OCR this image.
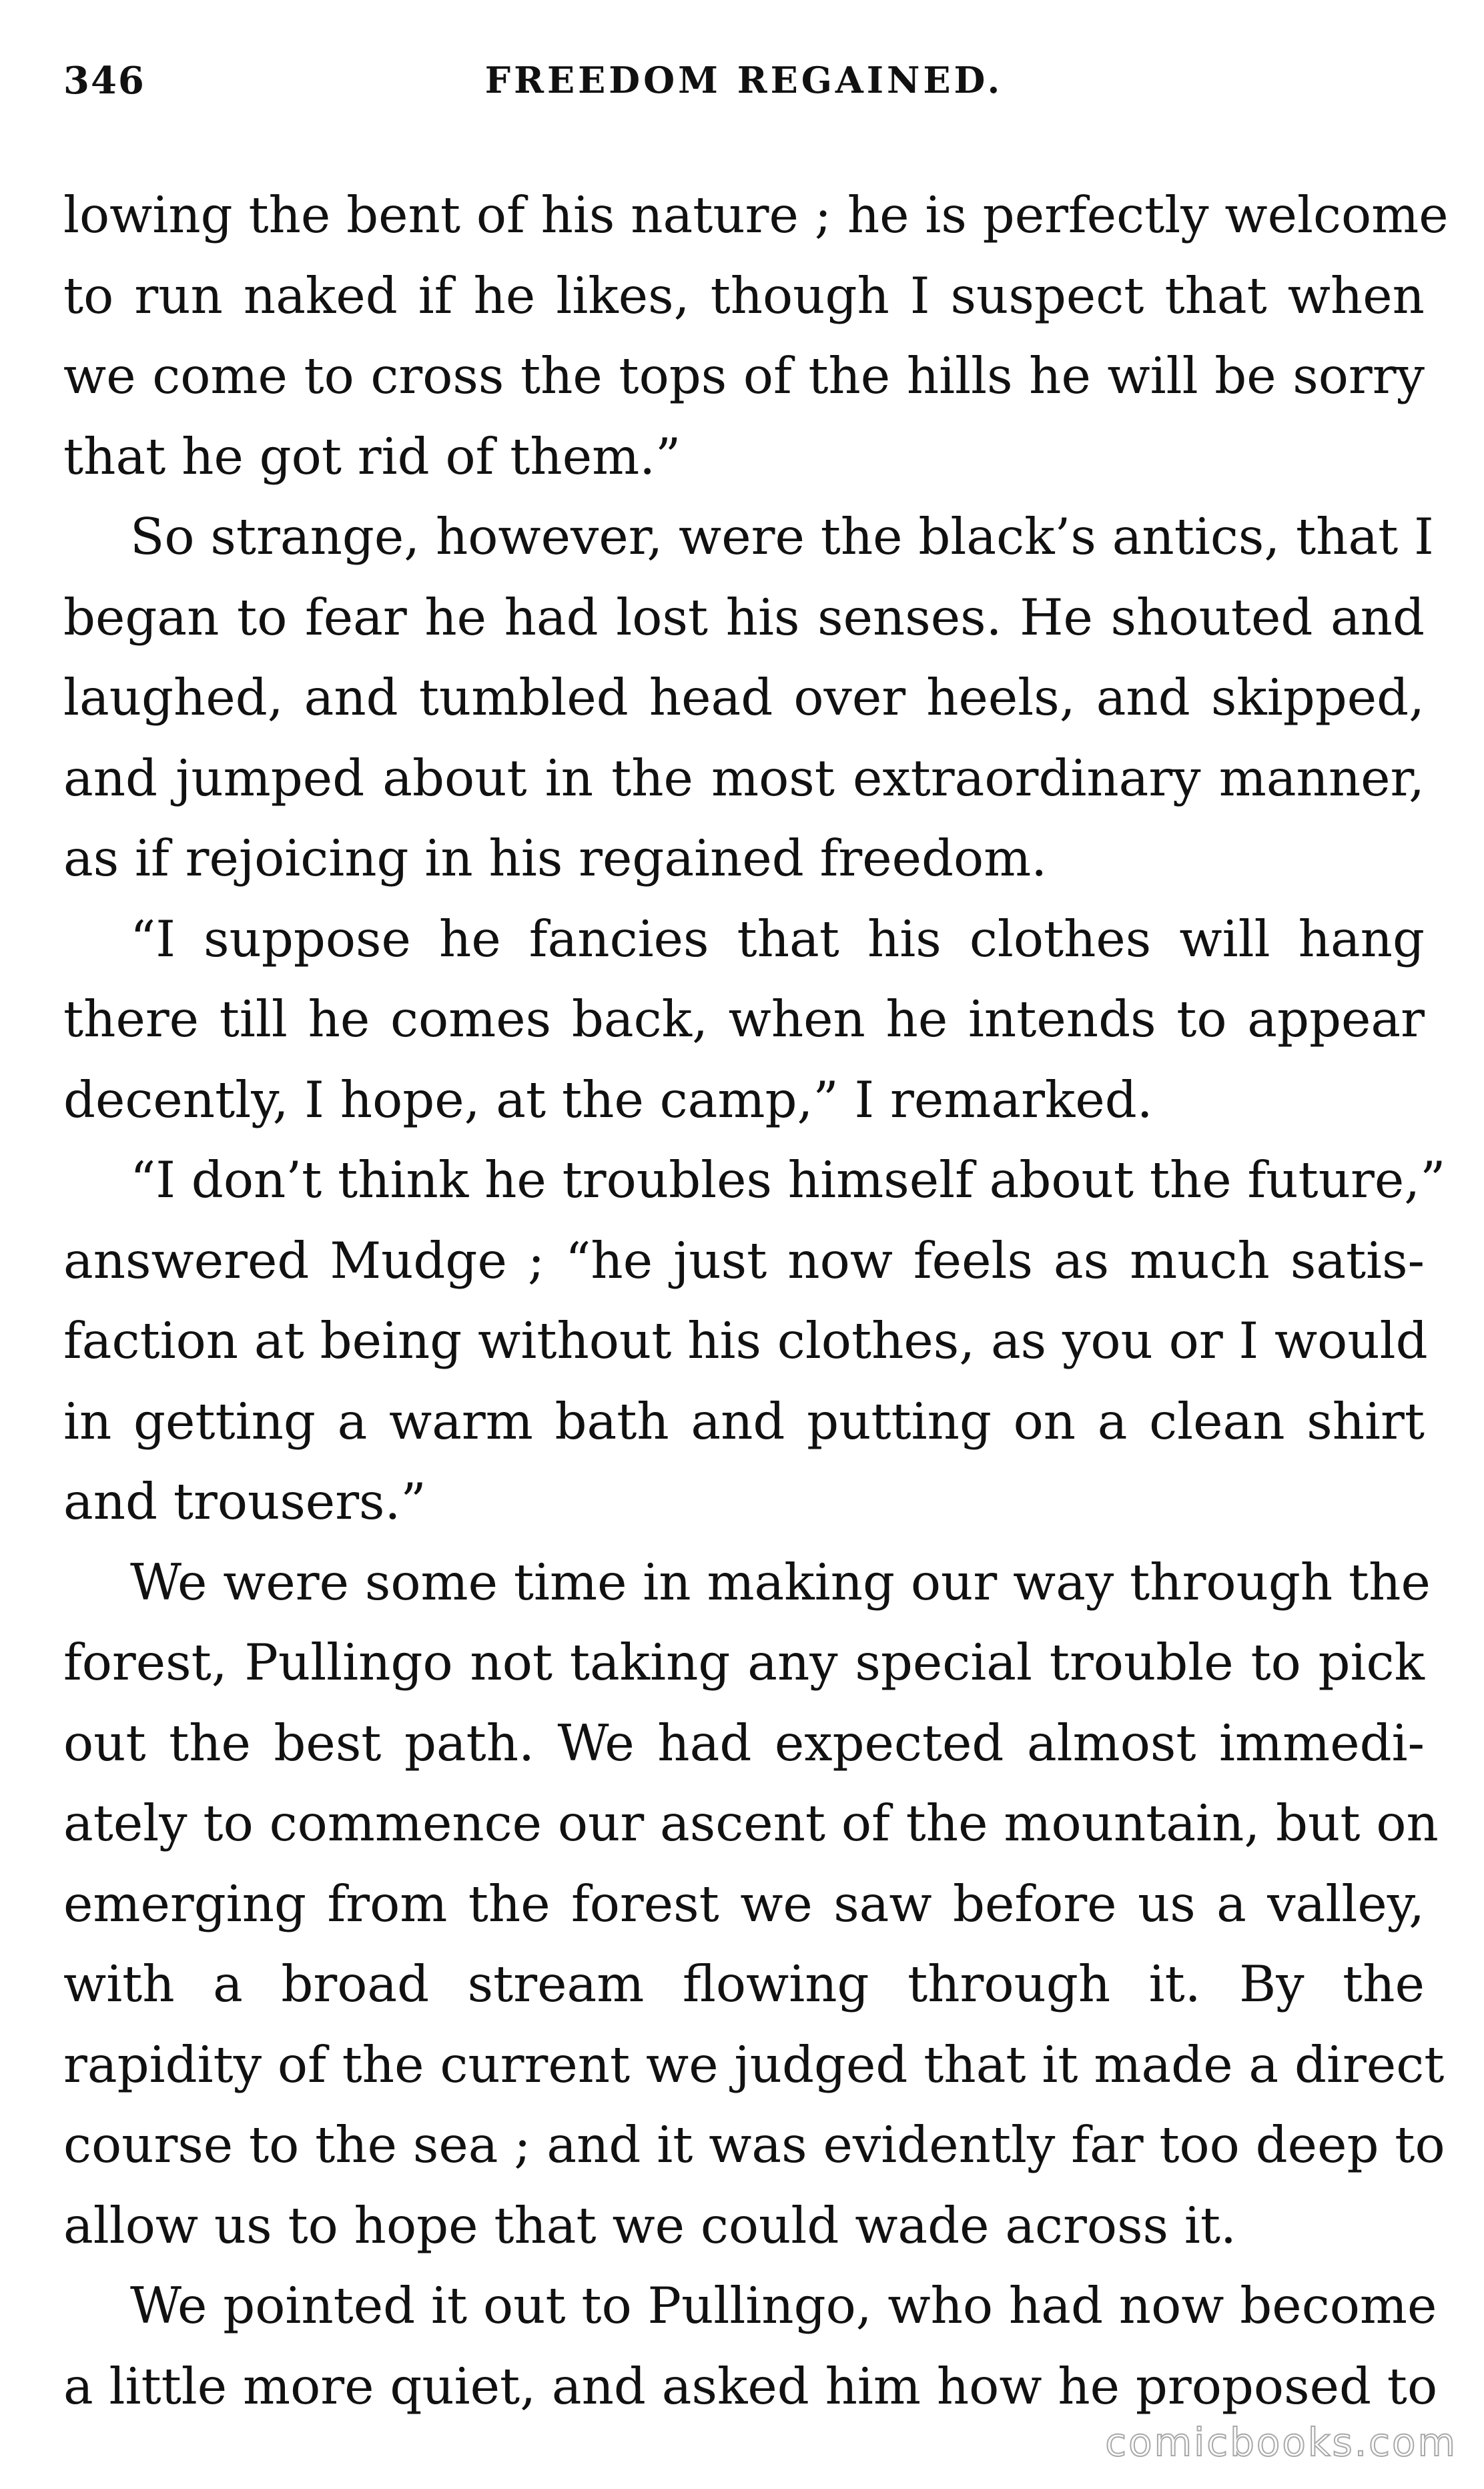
346	FREEDOM REGAINED.
lowing the bent of his nature ; he is perfectly welcome
to run naked if he likes, though I suspect that when
we come to cross the tops of the hills he will be sorry
that he got rid of them.”
So strange, however, were the black’s antics, that I
began to fear he had lost his senses. He shouted and
laughed, and tumbled head over heels, and skipped,
and jumped about in the most extraordinary manner,
as if rejoicing in his regained freedom.
“I suppose he fancies that his clothes will hang
there till he comes back, when he intends to appear
decently, I hope, at the camp,” I remarked.
“I don’t think he troubles himself about the future,”
answered Mudge ; “he just now feels as much satis-
faction at being without his clothes, as you or I would
in getting a warm bath and putting on a clean shirt
and trousers.”
We were some time in making our way through the
forest, Pullingo not taking any special trouble to pick
out the best path. We had expected almost immedi-
ately to commence our ascent of the mountain, but on
emerging from the forest we saw before us a valley,
with a broad stream flowing through it. By the
rapidity of the current we judged that it made a direct
course to the sea ; and it was evidently far too deep to
allow us to hope that we could wade across it.
We pointed it out to Pullingo, who had now become
a little more quiet, and asked him how he proposed to
comicbooks.com
